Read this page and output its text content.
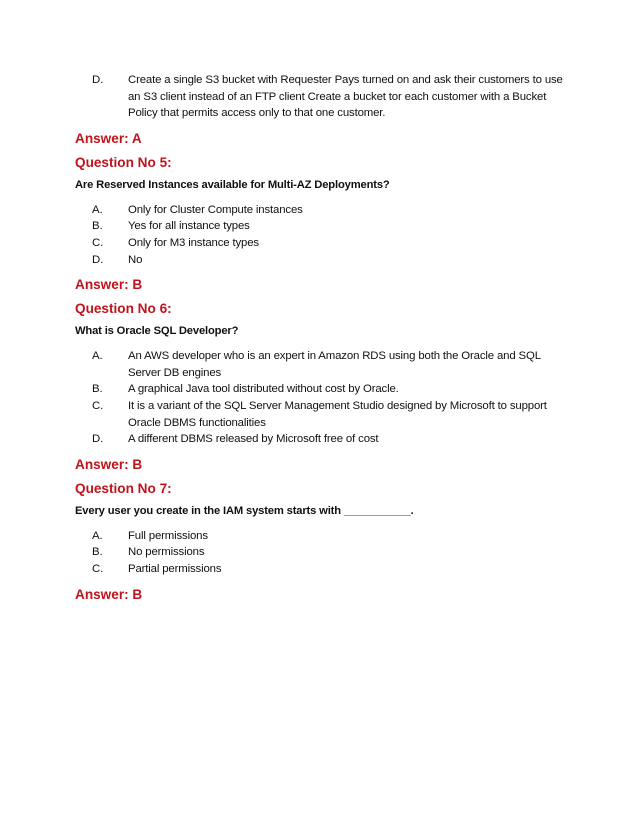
D.	Create a single S3 bucket with Requester Pays turned on and ask their customers to use an S3 client instead of an FTP client Create a bucket tor each customer with a Bucket Policy that permits access only to that one customer.
Answer: A
Question No 5:
Are Reserved Instances available for Multi-AZ Deployments?
A.	Only for Cluster Compute instances
B.	Yes for all instance types
C.	Only for M3 instance types
D.	No
Answer: B
Question No 6:
What is Oracle SQL Developer?
A.	An AWS developer who is an expert in Amazon RDS using both the Oracle and SQL Server DB engines
B.	A graphical Java tool distributed without cost by Oracle.
C.	It is a variant of the SQL Server Management Studio designed by Microsoft to support Oracle DBMS functionalities
D.	A different DBMS released by Microsoft free of cost
Answer: B
Question No 7:
Every user you create in the IAM system starts with ___________.
A.	Full permissions
B.	No permissions
C.	Partial permissions
Answer: B
